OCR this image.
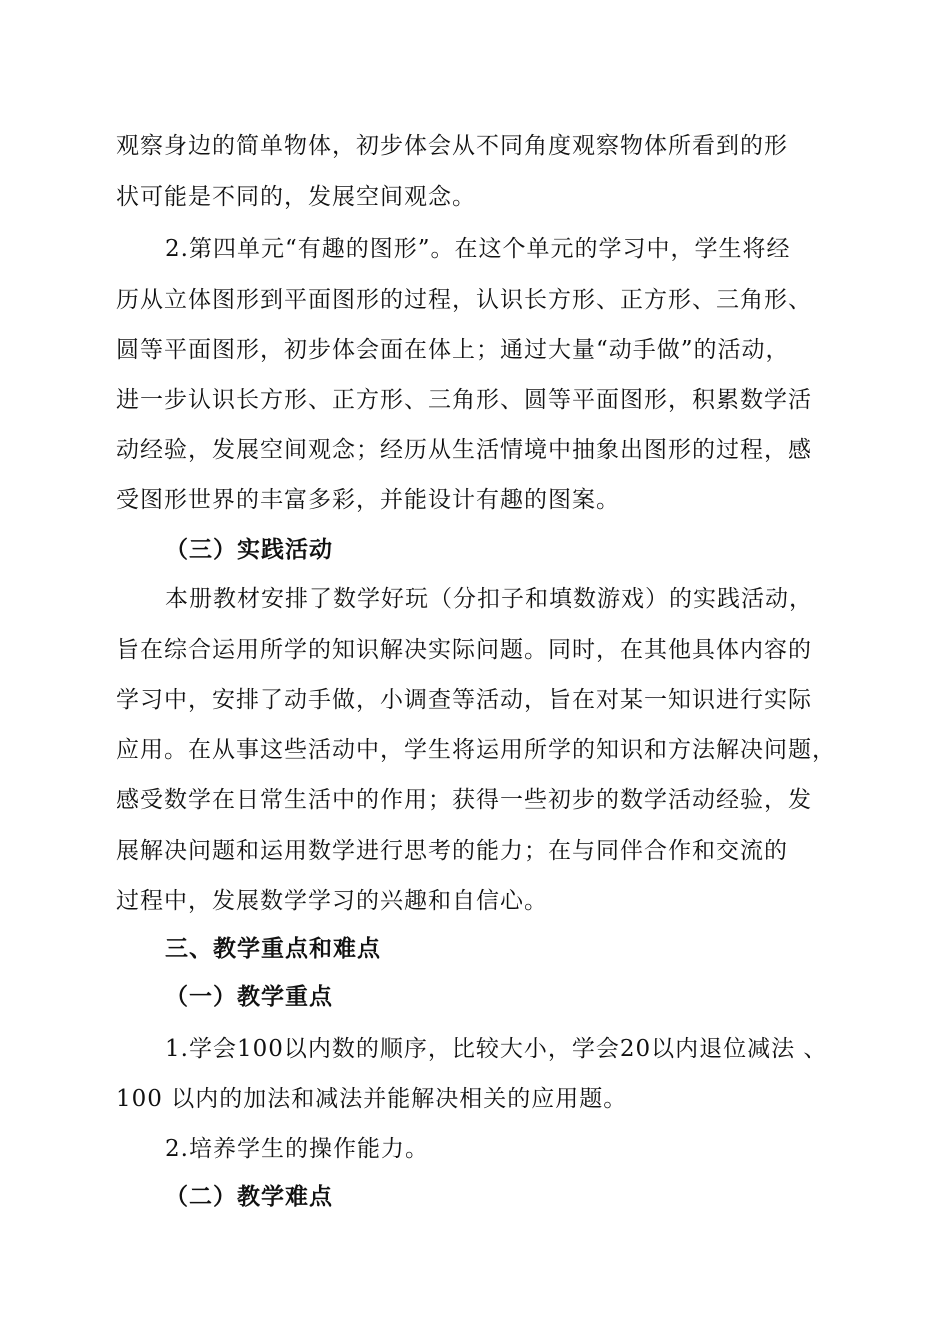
观察身边的简单物体，初步体会从不同角度观察物体所看到的形
状可能是不同的，发展空间观念。
2.第四单元“有趣的图形”。在这个单元的学习中，学生将经
历从立体图形到平面图形的过程，认识长方形、正方形、三角形、
圆等平面图形，初步体会面在体上；通过大量“动手做”的活动，
进一步认识长方形、正方形、三角形、圆等平面图形，积累数学活
动经验，发展空间观念；经历从生活情境中抽象出图形的过程，感
受图形世界的丰富多彩，并能设计有趣的图案。
（三）实践活动
本册教材安排了数学好玩（分扣子和填数游戏）的实践活动，
旨在综合运用所学的知识解决实际问题。同时，在其他具体内容的
学习中，安排了动手做，小调查等活动，旨在对某一知识进行实际
应用。在从事这些活动中，学生将运用所学的知识和方法解决问题，
感受数学在日常生活中的作用；获得一些初步的数学活动经验，发
展解决问题和运用数学进行思考的能力；在与同伴合作和交流的
过程中，发展数学学习的兴趣和自信心。
三、教学重点和难点
（一）教学重点
1.学会100以内数的顺序，比较大小，学会20以内退位减法 、
100 以内的加法和减法并能解决相关的应用题。
2.培养学生的操作能力。
（二）教学难点
